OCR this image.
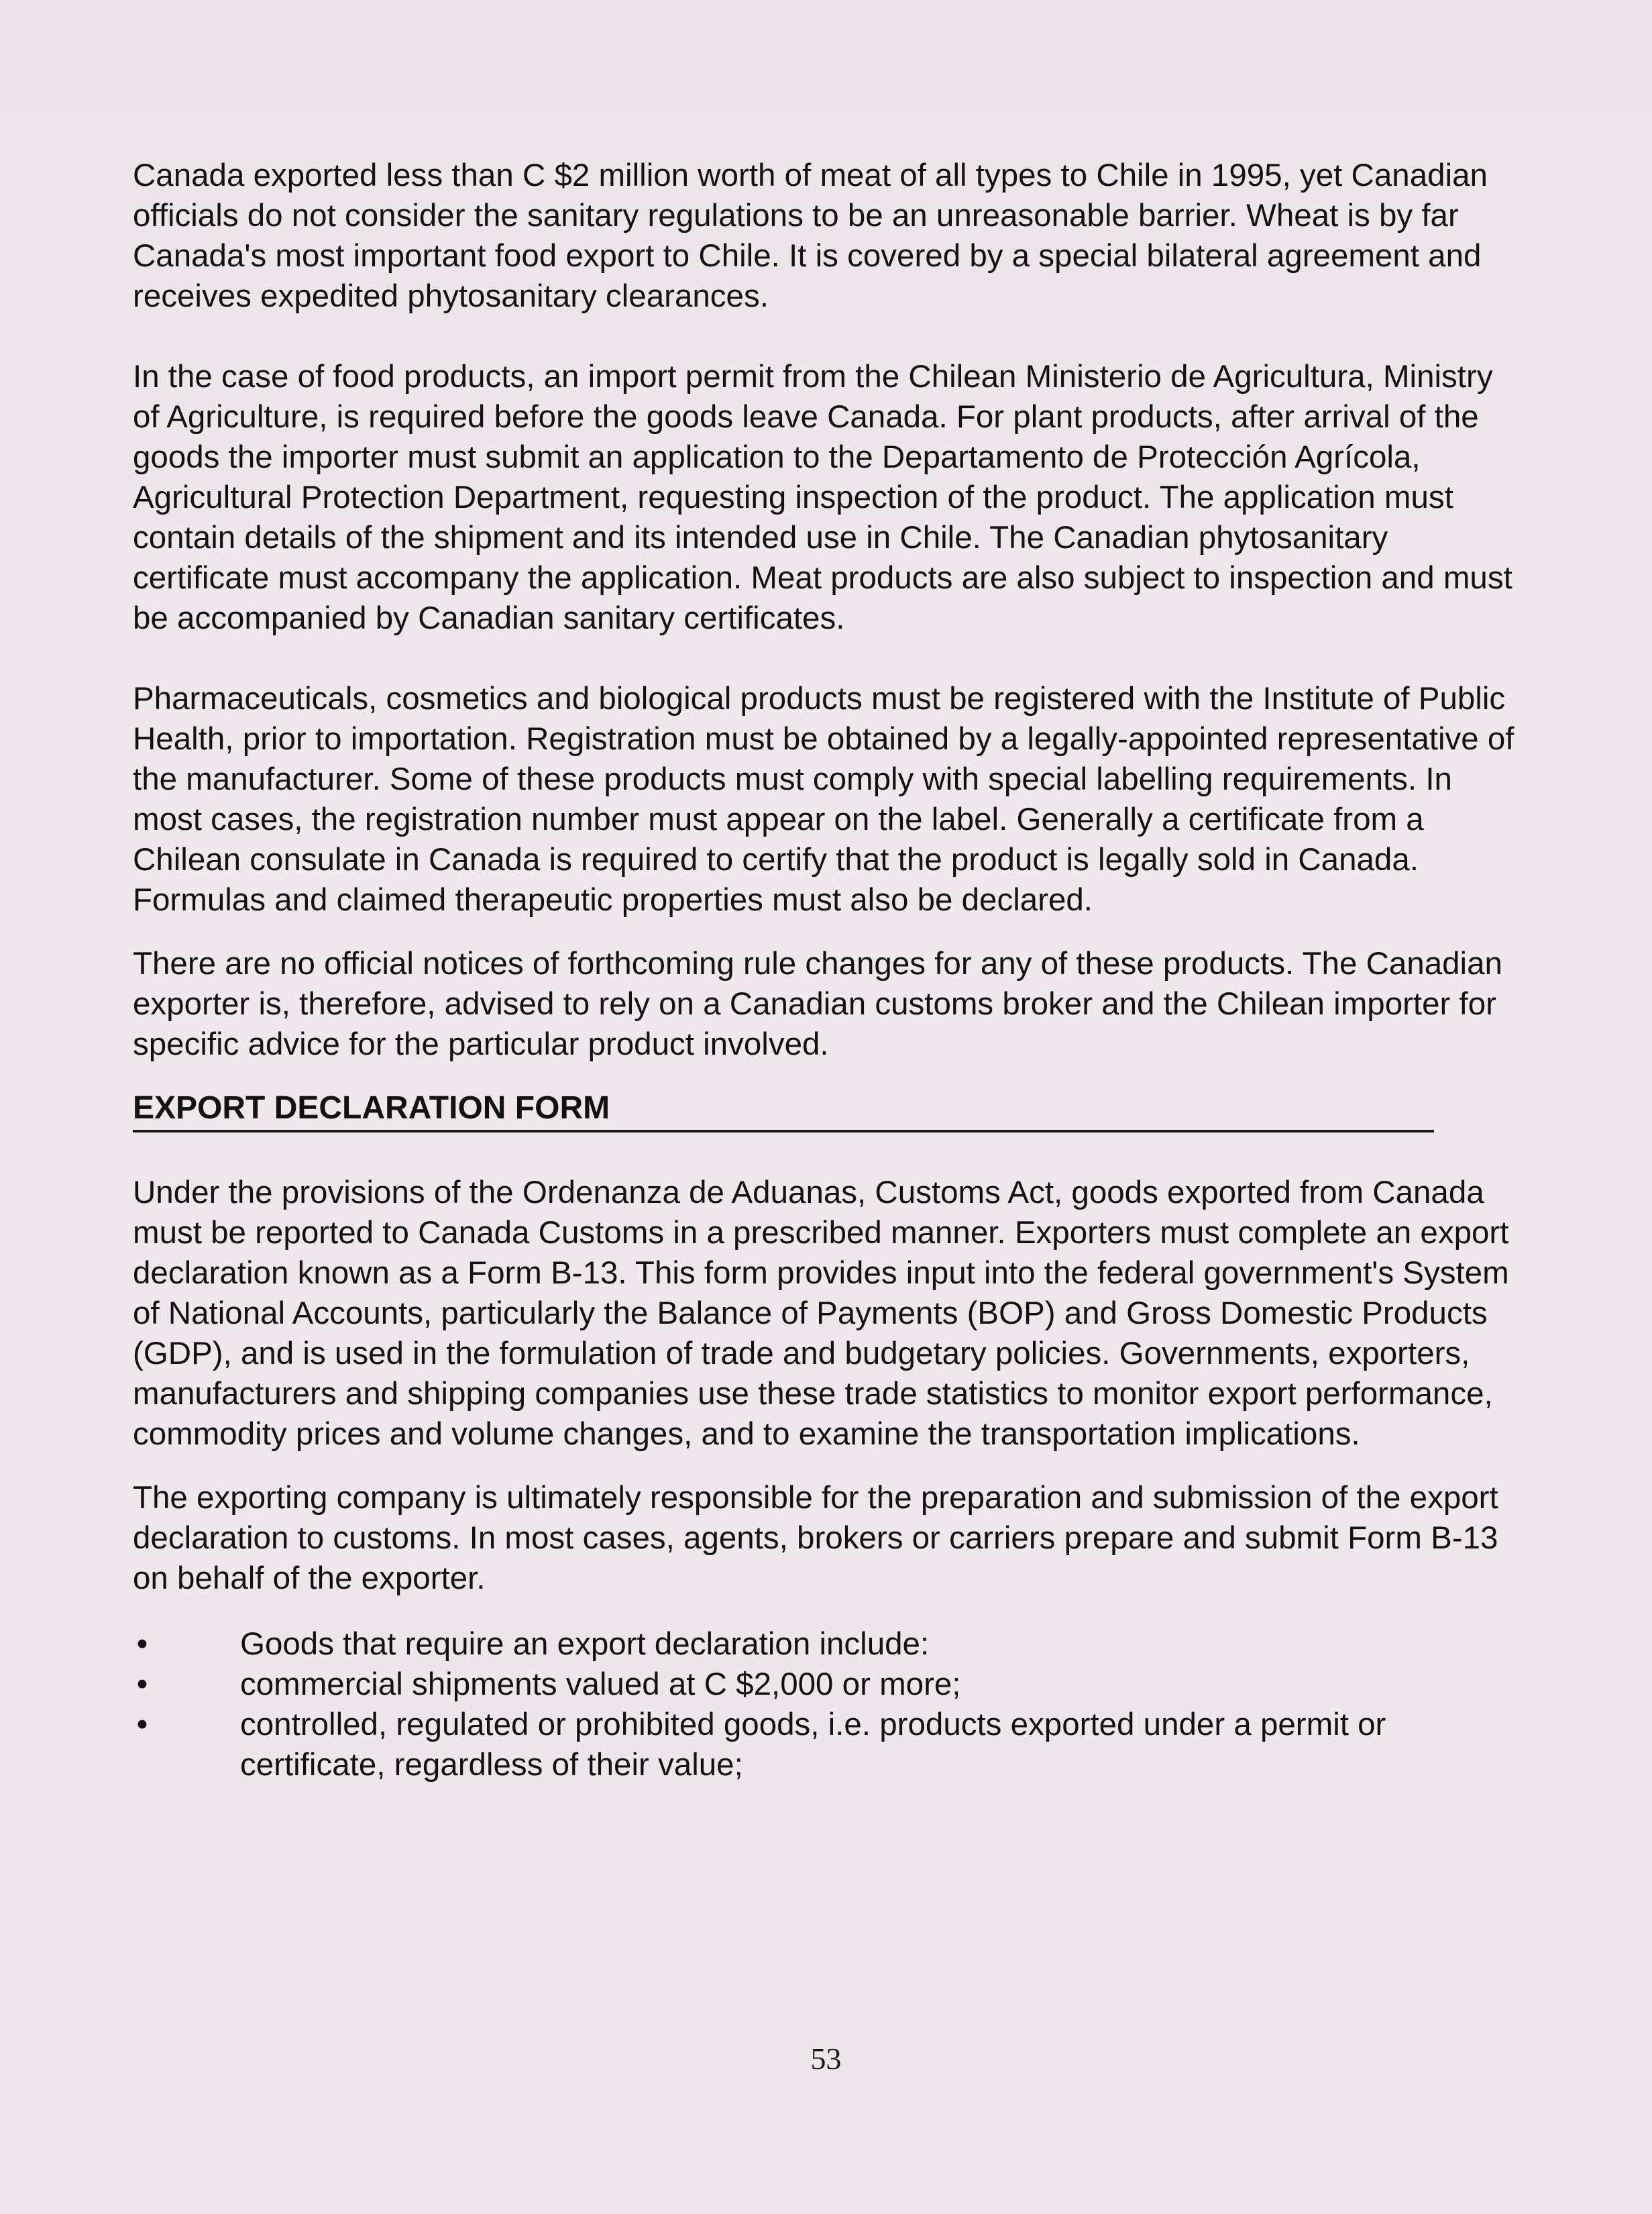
Canada exported less than C $2 million worth of meat of all types to Chile in 1995, yet Canadian officials do not consider the sanitary regulations to be an unreasonable barrier. Wheat is by far Canada's most important food export to Chile. It is covered by a special bilateral agreement and receives expedited phytosanitary clearances.

In the case of food products, an import permit from the Chilean Ministerio de Agricultura, Ministry of Agriculture, is required before the goods leave Canada. For plant products, after arrival of the goods the importer must submit an application to the Departamento de Protección Agrícola, Agricultural Protection Department, requesting inspection of the product. The application must contain details of the shipment and its intended use in Chile. The Canadian phytosanitary certificate must accompany the application. Meat products are also subject to inspection and must be accompanied by Canadian sanitary certificates.

Pharmaceuticals, cosmetics and biological products must be registered with the Institute of Public Health, prior to importation. Registration must be obtained by a legally-appointed representative of the manufacturer. Some of these products must comply with special labelling requirements. In most cases, the registration number must appear on the label. Generally a certificate from a Chilean consulate in Canada is required to certify that the product is legally sold in Canada. Formulas and claimed therapeutic properties must also be declared.

There are no official notices of forthcoming rule changes for any of these products. The Canadian exporter is, therefore, advised to rely on a Canadian customs broker and the Chilean importer for specific advice for the particular product involved.

EXPORT DECLARATION FORM

Under the provisions of the Ordenanza de Aduanas, Customs Act, goods exported from Canada must be reported to Canada Customs in a prescribed manner. Exporters must complete an export declaration known as a Form B-13. This form provides input into the federal government's System of National Accounts, particularly the Balance of Payments (BOP) and Gross Domestic Products (GDP), and is used in the formulation of trade and budgetary policies. Governments, exporters, manufacturers and shipping companies use these trade statistics to monitor export performance, commodity prices and volume changes, and to examine the transportation implications.

The exporting company is ultimately responsible for the preparation and submission of the export declaration to customs. In most cases, agents, brokers or carriers prepare and submit Form B-13 on behalf of the exporter.

•	Goods that require an export declaration include:
•	commercial shipments valued at C $2,000 or more;
•	controlled, regulated or prohibited goods, i.e. products exported under a permit or certificate, regardless of their value;
53
